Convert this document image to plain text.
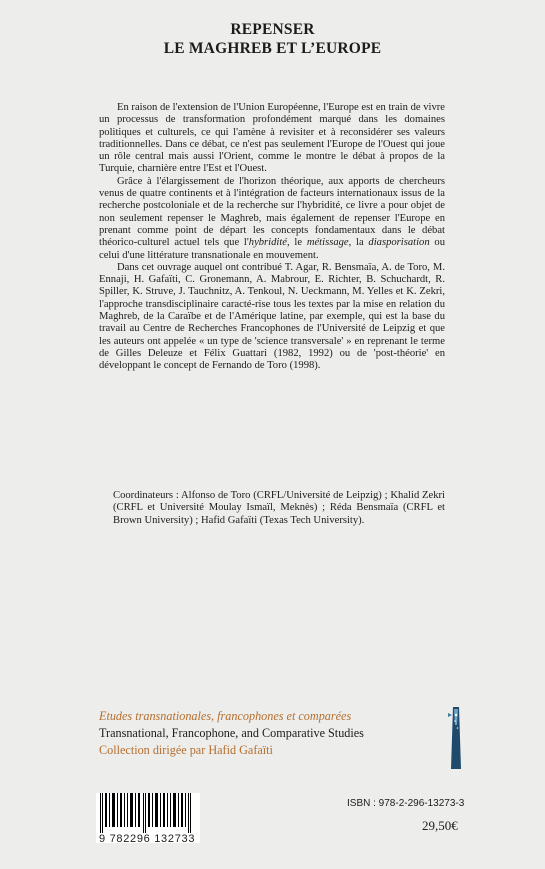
REPENSER
LE MAGHREB ET L’EUROPE

En raison de l'extension de l'Union Européenne, l'Europe est en train de vivre un processus de transformation profondément marqué dans les domaines politiques et culturels, ce qui l'amène à revisiter et à reconsidérer ses valeurs traditionnelles. Dans ce débat, ce n'est pas seulement l'Europe de l'Ouest qui joue un rôle central mais aussi l'Orient, comme le montre le débat à propos de la Turquie, charnière entre l'Est et l'Ouest.

Grâce à l'élargissement de l'horizon théorique, aux apports de chercheurs venus de quatre continents et à l'intégration de facteurs internationaux issus de la recherche postcoloniale et de la recherche sur l'hybridité, ce livre a pour objet de non seulement repenser le Maghreb, mais également de repenser l'Europe en prenant comme point de départ les concepts fondamentaux dans le débat théorico-culturel actuel tels que l'hybridité, le métissage, la diasporisation ou celui d'une littérature transnationale en mouvement.

Dans cet ouvrage auquel ont contribué T. Agar, R. Bensmaïa, A. de Toro, M. Ennaji, H. Gafaïti, C. Gronemann, A. Mabrour, E. Richter, B. Schuchardt, R. Spiller, K. Struve, J. Tauchnitz, A. Tenkoul, N. Ueckmann, M. Yelles et K. Zekri, l'approche transdisciplinaire caracté-rise tous les textes par la mise en relation du Maghreb, de la Caraïbe et de l'Amérique latine, par exemple, qui est la base du travail au Centre de Recherches Francophones de l'Université de Leipzig et que les auteurs ont appelée « un type de 'science transversale' » en reprenant le terme de Gilles Deleuze et Félix Guattari (1982, 1992) ou de 'post-théorie' en développant le concept de Fernando de Toro (1998).

Coordinateurs : Alfonso de Toro (CRFL/Université de Leipzig) ; Khalid Zekri (CRFL et Université Moulay Ismaïl, Meknès) ; Réda Bensmaïa (CRFL et Brown University) ; Hafid Gafaïti (Texas Tech University).
Etudes transnationales, francophones et comparées
Transnational, Francophone, and Comparative Studies
Collection dirigée par Hafid Gafaïti
9 782296 132733
ISBN : 978-2-296-13273-3
29,50€
